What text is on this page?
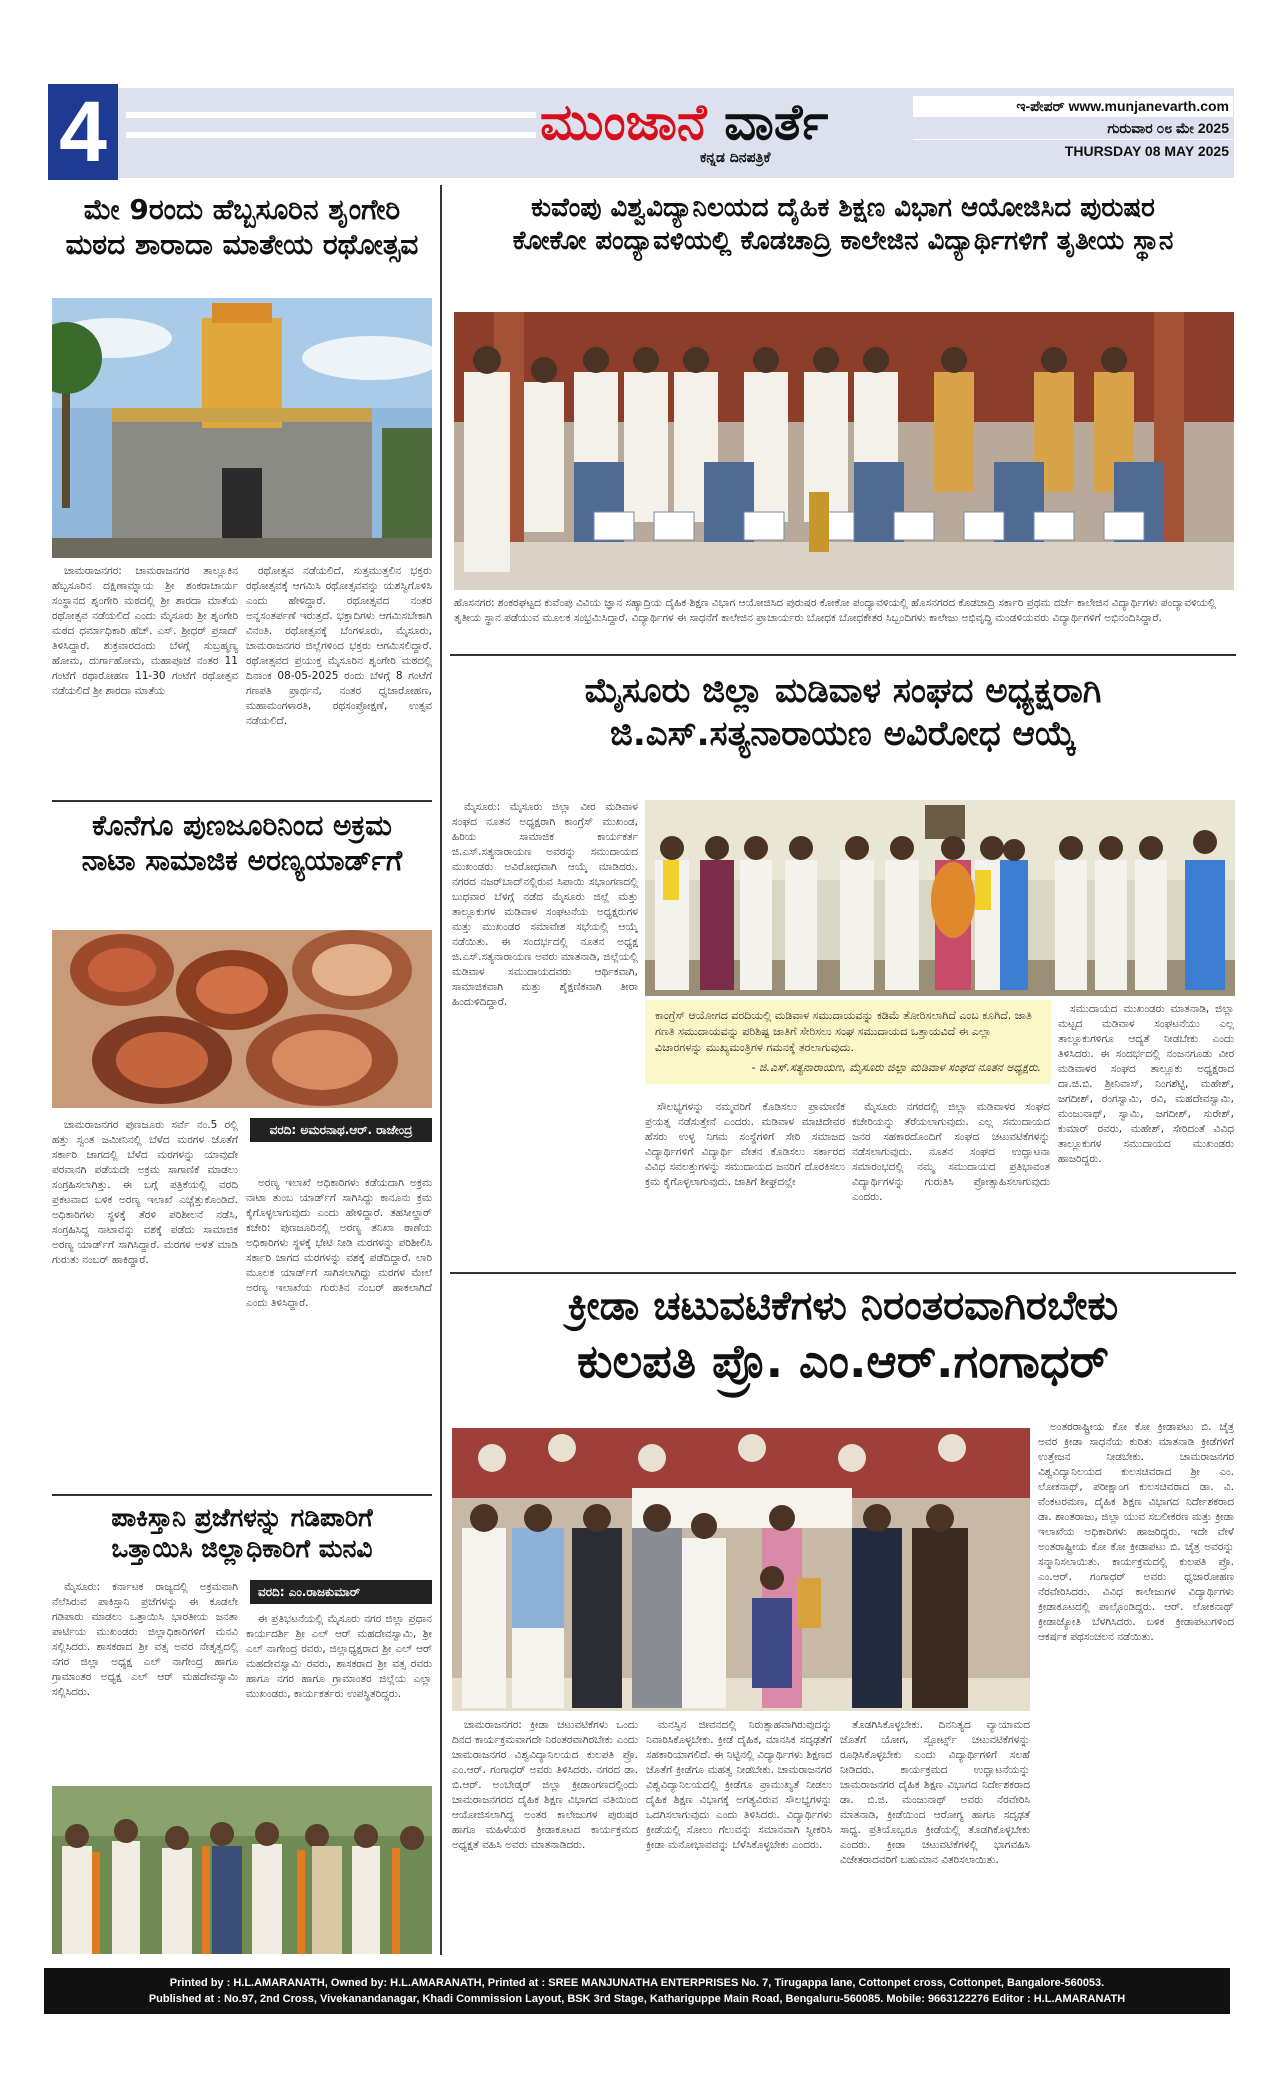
4	ಮುಂಜಾನೆ ವಾರ್ತೆ
ಕನ್ನಡ ದಿನಪತ್ರಿಕೆ
ಇ-ಪೇಪರ್ www.munjanevarth.com
ಗುರುವಾರ ೦೮ ಮೇ 2025
THURSDAY 08 MAY 2025
ಮೇ 9ರಂದು ಹೆಬ್ಬಸೂರಿನ ಶೃಂಗೇರಿ
ಮಠದ ಶಾರಾದಾ ಮಾತೇಯ ರಥೋತ್ಸವ

ಚಾಮರಾಜನಗರ: ಚಾಮರಾಜನಗರ ತಾಲ್ಲೂಕಿನ ಹೆಬ್ಬಸೂರಿನ ದಕ್ಷಿಣಾಮ್ನಾಯ ಶ್ರೀ ಶಂಕರಾಚಾರ್ಯ ಸಂಸ್ಥಾನದ ಶೃಂಗೇರಿ ಮಠದಲ್ಲಿ ಶ್ರೀ ಶಾರದಾ ಮಾತೆಯ ರಥೋತ್ಸವ ನಡೆಯಲಿದೆ ಎಂದು ಮೈಸೂರು ಶ್ರೀ ಶೃಂಗೇರಿ ಮಠದ ಧರ್ಮಾಧಿಕಾರಿ ಹೆಚ್. ಎಸ್. ಶ್ರೀಧರ್ ಪ್ರಸಾದ್ ತಿಳಿಸಿದ್ದಾರೆ. ಶುಕ್ರವಾರದಂದು ಬೆಳಗ್ಗೆ ಸುಬ್ರಹ್ಮಣ್ಯ ಹೋಮ, ದುರ್ಗಾಹೋಮ, ಮಹಾಪೂಜೆ ನಂತರ 11 ಗಂಟೆಗೆ ರಥಾರೋಹಣ 11-30 ಗಂಟೆಗೆ ರಥೋತ್ಸವ ನಡೆಯಲಿದೆ ಶ್ರೀ ಶಾರದಾ ಮಾತೆಯ

ರಥೋತ್ಸವ ನಡೆಯಲಿದೆ. ಸುತ್ತಮುತ್ತಲಿನ ಭಕ್ತರು ರಥೋತ್ಸವಕ್ಕೆ ಆಗಮಿಸಿ ರಥೋತ್ಸವವನ್ನು ಯಶಸ್ವಿಗೊಳಿಸಿ ಎಂದು ಹೇಳಿದ್ದಾರೆ. ರಥೋತ್ಸವದ ನಂತರ ಅನ್ನಸಂತರ್ಪಣೆ ಇರುತ್ತದೆ. ಭಕ್ತಾದಿಗಳು ಆಗಮಿಸಬೇಕಾಗಿ ವಿನಂತಿ. ರಥೋತ್ಸವಕ್ಕೆ ಬೆಂಗಳೂರು, ಮೈಸೂರು, ಚಾಮರಾಜನಗರ ಜಿಲ್ಲೆಗಳಿಂದ ಭಕ್ತರು ಆಗಮಿಸಲಿದ್ದಾರೆ. ರಥೋತ್ಸವದ ಪ್ರಯುಕ್ತ ಮೈಸೂರಿನ ಶೃಂಗೇರಿ ಮಠದಲ್ಲಿ ದಿನಾಂಕ 08-05-2025 ರಂದು ಬೆಳಗ್ಗೆ 8 ಗಂಟೆಗೆ ಗಣಪತಿ ಪ್ರಾರ್ಥನೆ, ನಂತರ ಧ್ವಜಾರೋಹಣ, ಮಹಾಮಂಗಳಾರತಿ, ರಥಸಂಪ್ರೋಕ್ಷಣೆ, ಉತ್ಸವ ನಡೆಯಲಿದೆ.

ಕೊನೆಗೂ ಪುಣಜೂರಿನಿಂದ ಅಕ್ರಮ
ನಾಟಾ ಸಾಮಾಜಿಕ ಅರಣ್ಯಯಾರ್ಡ್‌ಗೆ

ಚಾಮರಾಜನಗರ ಪುಣಜೂರು ಸರ್ವೆ ನಂ.5 ರಲ್ಲಿ ಹತ್ತು ಸ್ವಂತ ಜಮೀನಿನಲ್ಲಿ ಬೆಳೆದ ಮರಗಳ ಜೊತೆಗೆ ಸರ್ಕಾರಿ ಜಾಗದಲ್ಲಿ ಬೆಳೆದ ಮರಗಳನ್ನು ಯಾವುದೇ ಪರವಾನಗಿ ಪಡೆಯದೇ ಅಕ್ರಮ ಸಾಗಾಣಿಕೆ ಮಾಡಲು ಸಂಗ್ರಹಿಸಲಾಗಿತ್ತು. ಈ ಬಗ್ಗೆ ಪತ್ರಿಕೆಯಲ್ಲಿ ವರದಿ ಪ್ರಕಟವಾದ ಬಳಿಕ ಅರಣ್ಯ ಇಲಾಖೆ ಎಚ್ಚೆತ್ತುಕೊಂಡಿದೆ. ಅಧಿಕಾರಿಗಳು ಸ್ಥಳಕ್ಕೆ ತೆರಳಿ ಪರಿಶೀಲನೆ ನಡೆಸಿ, ಸಂಗ್ರಹಿಸಿದ್ದ ನಾಟಾವನ್ನು ವಶಕ್ಕೆ ಪಡೆದು ಸಾಮಾಜಿಕ ಅರಣ್ಯ ಯಾರ್ಡ್‌ಗೆ ಸಾಗಿಸಿದ್ದಾರೆ. ಮರಗಳ ಅಳತೆ ಮಾಡಿ ಗುರುತು ನಂಬರ್ ಹಾಕಿದ್ದಾರೆ.

ವರದಿ: ಅಮರನಾಥ.ಆರ್. ರಾಜೇಂದ್ರ

ಅರಣ್ಯ ಇಲಾಖೆ ಅಧಿಕಾರಿಗಳು ಕಡೆಯದಾಗಿ ಅಕ್ರಮ ನಾಟಾ ತುಂಬ ಯಾರ್ಡ್‌ಗೆ ಸಾಗಿಸಿದ್ದು ಕಾನೂನು ಕ್ರಮ ಕೈಗೊಳ್ಳಲಾಗುವುದು ಎಂದು ಹೇಳಿದ್ದಾರೆ. ತಹಸೀಲ್ದಾರ್ ಕಚೇರಿ: ಪುಣಜೂರಿನಲ್ಲಿ ಅರಣ್ಯ ತನಿಖಾ ಠಾಣೆಯ ಅಧಿಕಾರಿಗಳು ಸ್ಥಳಕ್ಕೆ ಭೇಟಿ ನೀಡಿ ಮರಗಳನ್ನು ಪರಿಶೀಲಿಸಿ ಸರ್ಕಾರಿ ಜಾಗದ ಮರಗಳನ್ನು ವಶಕ್ಕೆ ಪಡೆದಿದ್ದಾರೆ. ಲಾರಿ ಮೂಲಕ ಯಾರ್ಡ್‌ಗೆ ಸಾಗಿಸಲಾಗಿದ್ದು ಮರಗಳ ಮೇಲೆ ಅರಣ್ಯ ಇಲಾಖೆಯ ಗುರುತಿನ ನಂಬರ್ ಹಾಕಲಾಗಿದೆ ಎಂದು ತಿಳಿಸಿದ್ದಾರೆ.

ಪಾಕಿಸ್ತಾನಿ ಪ್ರಜೆಗಳನ್ನು ಗಡಿಪಾರಿಗೆ
ಒತ್ತಾಯಿಸಿ ಜಿಲ್ಲಾಧಿಕಾರಿಗೆ ಮನವಿ

ಮೈಸೂರು: ಕರ್ನಾಟಕ ರಾಜ್ಯದಲ್ಲಿ ಅಕ್ರಮವಾಗಿ ನೆಲೆಸಿರುವ ಪಾಕಿಸ್ತಾನಿ ಪ್ರಜೆಗಳನ್ನು ಈ ಕೂಡಲೇ ಗಡಿಪಾರು ಮಾಡಲು ಒತ್ತಾಯಿಸಿ ಭಾರತೀಯ ಜನತಾ ಪಾರ್ಟಿಯ ಮುಖಂಡರು ಜಿಲ್ಲಾಧಿಕಾರಿಗಳಿಗೆ ಮನವಿ ಸಲ್ಲಿಸಿದರು. ಶಾಸಕರಾದ ಶ್ರೀ ವತ್ಸ ಅವರ ನೇತೃತ್ವದಲ್ಲಿ ನಗರ ಜಿಲ್ಲಾ ಅಧ್ಯಕ್ಷ ಎಲ್ ನಾಗೇಂದ್ರ ಹಾಗೂ ಗ್ರಾಮಾಂತರ ಅಧ್ಯಕ್ಷ ಎಲ್ ಆರ್ ಮಹದೇವಸ್ವಾಮಿ ಸಲ್ಲಿಸಿದರು.

ವರದಿ: ಎಂ.ರಾಜಕುಮಾರ್

ಈ ಪ್ರತಿಭಟನೆಯಲ್ಲಿ ಮೈಸೂರು ನಗರ ಜಿಲ್ಲಾ ಪ್ರಧಾನ ಕಾರ್ಯದರ್ಶಿ ಶ್ರೀ ಎಲ್ ಆರ್ ಮಹದೇವಸ್ವಾಮಿ, ಶ್ರೀ ಎಲ್ ನಾಗೇಂದ್ರ ರವರು, ಜಿಲ್ಲಾಧ್ಯಕ್ಷರಾದ ಶ್ರೀ ಎಲ್ ಆರ್ ಮಹದೇವಸ್ವಾಮಿ ರವರು, ಶಾಸಕರಾದ ಶ್ರೀ ವತ್ಸ ರವರು ಹಾಗೂ ನಗರ ಹಾಗೂ ಗ್ರಾಮಾಂತರ ಜಿಲ್ಲೆಯ ಎಲ್ಲಾ ಮುಖಂಡರು, ಕಾರ್ಯಕರ್ತರು ಉಪಸ್ಥಿತರಿದ್ದರು.

ಕುವೆಂಪು ವಿಶ್ವವಿದ್ಯಾನಿಲಯದ ದೈಹಿಕ ಶಿಕ್ಷಣ ವಿಭಾಗ ಆಯೋಜಿಸಿದ ಪುರುಷರ
ಕೋಕೋ ಪಂದ್ಯಾವಳಿಯಲ್ಲಿ ಕೊಡಚಾದ್ರಿ ಕಾಲೇಜಿನ ವಿದ್ಯಾರ್ಥಿಗಳಿಗೆ ತೃತೀಯ ಸ್ಥಾನ
ಹೊಸನಗರ: ಶಂಕರಘಟ್ಟದ ಕುವೆಂಪು ವಿವಿಯ ಜ್ಞಾನ ಸಹ್ಯಾದ್ರಿಯ ದೈಹಿಕ ಶಿಕ್ಷಣ ವಿಭಾಗ ಆಯೋಜಿಸಿದ ಪುರುಷರ ಕೋಕೋ ಪಂದ್ಯಾವಳಿಯಲ್ಲಿ ಹೊಸನಗರದ ಕೊಡಚಾದ್ರಿ ಸರ್ಕಾರಿ ಪ್ರಥಮ ದರ್ಜೆ ಕಾಲೇಜಿನ ವಿದ್ಯಾರ್ಥಿಗಳು ಪಂದ್ಯಾವಳಿಯಲ್ಲಿ ತೃತೀಯ ಸ್ಥಾನ ಪಡೆಯುವ ಮೂಲಕ ಸಂಭ್ರಮಿಸಿದ್ದಾರೆ. ವಿದ್ಯಾರ್ಥಿಗಳ ಈ ಸಾಧನೆಗೆ ಕಾಲೇಜಿನ ಪ್ರಾಚಾರ್ಯರು ಬೋಧಕ ಬೋಧಕೇತರ ಸಿಬ್ಬಂದಿಗಳು ಕಾಲೇಜು ಅಭಿವೃದ್ಧಿ ಮಂಡಳಿಯವರು ವಿದ್ಯಾರ್ಥಿಗಳಿಗೆ ಅಭಿನಂದಿಸಿದ್ದಾರೆ.
ಮೈಸೂರು ಜಿಲ್ಲಾ ಮಡಿವಾಳ ಸಂಘದ ಅಧ್ಯಕ್ಷರಾಗಿ
ಜಿ.ಎಸ್.ಸತ್ಯನಾರಾಯಣ ಅವಿರೋಧ ಆಯ್ಕೆ

ಮೈಸೂರು: ಮೈಸೂರು ಜಿಲ್ಲಾ ವೀರ ಮಡಿವಾಳ ಸಂಘದ ನೂತನ ಅಧ್ಯಕ್ಷರಾಗಿ ಕಾಂಗ್ರೆಸ್ ಮುಖಂಡ, ಹಿರಿಯ ಸಾಮಾಜಿಕ ಕಾರ್ಯಕರ್ತ ಜಿ.ಎಸ್.ಸತ್ಯನಾರಾಯಣ ಅವರನ್ನು ಸಮುದಾಯದ ಮುಖಂಡರು ಅವಿರೋಧವಾಗಿ ಆಯ್ಕೆ ಮಾಡಿದರು. ನಗರದ ನಜರ್‌ಬಾದ್‌ನಲ್ಲಿರುವ ಸಿಪಾಯಿ ಸಭಾಂಗಣದಲ್ಲಿ ಬುಧವಾರ ಬೆಳಗ್ಗೆ ನಡೆದ ಮೈಸೂರು ಜಿಲ್ಲೆ ಮತ್ತು ತಾಲ್ಲೂಕುಗಳ ಮಡಿವಾಳ ಸಂಘಟನೆಯ ಅಧ್ಯಕ್ಷರುಗಳ ಮತ್ತು ಮುಖಂಡರ ಸಮಾವೇಶ ಸಭೆಯಲ್ಲಿ ಆಯ್ಕೆ ನಡೆಯಿತು. ಈ ಸಂದರ್ಭದಲ್ಲಿ ನೂತನ ಅಧ್ಯಕ್ಷ ಜಿ.ಎಸ್.ಸತ್ಯನಾರಾಯಣ ಅವರು ಮಾತನಾಡಿ, ಜಿಲ್ಲೆಯಲ್ಲಿ ಮಡಿವಾಳ ಸಮುದಾಯದವರು ಆರ್ಥಿಕವಾಗಿ, ಸಾಮಾಜಿಕವಾಗಿ ಮತ್ತು ಶೈಕ್ಷಣಿಕವಾಗಿ ತೀರಾ ಹಿಂದುಳಿದಿದ್ದಾರೆ.

ಕಾಂಗ್ರೆಸ್ ಆಯೋಗದ ವರದಿಯಲ್ಲಿ ಮಡಿವಾಳ ಸಮುದಾಯವನ್ನು ಕಡಿಮೆ ತೋರಿಸಲಾಗಿದೆ ಎಂಬ ಕೂಗಿದೆ. ಜಾತಿ ಗಣತಿ ಸಮುದಾಯವನ್ನು ಪರಿಶಿಷ್ಟ ಜಾತಿಗೆ ಸೇರಿಸಲು ಸಂಘ ಸಮುದಾಯದ ಒತ್ತಾಯವಿದೆ ಈ ಎಲ್ಲಾ ವಿಚಾರಗಳನ್ನು ಮುಖ್ಯಮಂತ್ರಿಗಳ ಗಮನಕ್ಕೆ ತರಲಾಗುವುದು.
- ಜಿ.ಎಸ್.ಸತ್ಯನಾರಾಯಣ, ಮೈಸೂರು ಜಿಲ್ಲಾ ಮಡಿವಾಳ ಸಂಘದ ನೂತನ ಅಧ್ಯಕ್ಷರು.

ಸೌಲಭ್ಯಗಳನ್ನು ನಮ್ಮವರಿಗೆ ಕೊಡಿಸಲು ಪ್ರಾಮಾಣಿಕ ಪ್ರಯತ್ನ ನಡೆಸುತ್ತೇನೆ ಎಂದರು. ಮಡಿವಾಳ ಮಾಚಿದೇವರ ಹೆಸರು ಉಳ್ಳ ನಿಗಮ ಸಂಸ್ಥೆಗಳಿಗೆ ಸೇರಿ ಸಮಾಜದ ವಿದ್ಯಾರ್ಥಿಗಳಿಗೆ ವಿದ್ಯಾರ್ಥಿ ವೇತನ ಕೊಡಿಸಲು ಸರ್ಕಾರದ ವಿವಿಧ ಸವಲತ್ತುಗಳನ್ನು ಸಮುದಾಯದ ಜನರಿಗೆ ದೊರಕಿಸಲು ಕ್ರಮ ಕೈಗೊಳ್ಳಲಾಗುವುದು. ಜಾತಿಗೆ ಶೀಘ್ರದಲ್ಲೇ

ಮೈಸೂರು ನಗರದಲ್ಲಿ ಜಿಲ್ಲಾ ಮಡಿವಾಳರ ಸಂಘದ ಕಚೇರಿಯನ್ನು ತೆರೆಯಲಾಗುವುದು. ಎಲ್ಲ ಸಮುದಾಯದ ಜನರ ಸಹಕಾರದೊಂದಿಗೆ ಸಂಘದ ಚಟುವಟಿಕೆಗಳನ್ನು ನಡೆಸಲಾಗುವುದು. ನೂತನ ಸಂಘದ ಉದ್ಘಾಟನಾ ಸಮಾರಂಭದಲ್ಲಿ ನಮ್ಮ ಸಮುದಾಯದ ಪ್ರತಿಭಾವಂತ ವಿದ್ಯಾರ್ಥಿಗಳನ್ನು ಗುರುತಿಸಿ ಪ್ರೋತ್ಸಾಹಿಸಲಾಗುವುದು ಎಂದರು.

ಸಮುದಾಯದ ಮುಖಂಡರು ಮಾತನಾಡಿ, ಜಿಲ್ಲಾ ಮಟ್ಟದ ಮಡಿವಾಳ ಸಂಘಟನೆಯು ಎಲ್ಲ ತಾಲ್ಲೂಕುಗಳಿಗೂ ಆದ್ಯತೆ ನೀಡಬೇಕು ಎಂದು ತಿಳಿಸಿದರು. ಈ ಸಂದರ್ಭದಲ್ಲಿ ನಂಜನಗೂಡು ವೀರ ಮಡಿವಾಳರ ಸಂಘದ ತಾಲ್ಲೂಕು ಅಧ್ಯಕ್ಷರಾದ ದಾ.ಜಿ.ಬಿ. ಶ್ರೀನಿವಾಸ್, ನಿಂಗಶೆಟ್ಟಿ, ಮಹೇಶ್, ಜಗದೀಶ್, ರಂಗಸ್ವಾಮಿ, ರವಿ, ಮಹದೇವಸ್ವಾಮಿ, ಮಂಜುನಾಥ್, ಸ್ವಾಮಿ, ಜಗದೀಶ್, ಸುರೇಶ್, ಕುಮಾರ್ ರವರು, ಮಹೇಶ್, ಸೇರಿದಂತೆ ವಿವಿಧ ತಾಲ್ಲೂಕುಗಳ ಸಮುದಾಯದ ಮುಖಂಡರು ಹಾಜರಿದ್ದರು.

ಕ್ರೀಡಾ ಚಟುವಟಿಕೆಗಳು ನಿರಂತರವಾಗಿರಬೇಕು
ಕುಲಪತಿ ಪ್ರೊ. ಎಂ.ಆರ್.ಗಂಗಾಧರ್

ಅಂತರರಾಷ್ಟ್ರೀಯ ಕೋ ಕೋ ಕ್ರೀಡಾಪಟು ಬಿ. ಚೈತ್ರ ಅವರ ಕ್ರೀಡಾ ಸಾಧನೆಯ ಕುರಿತು ಮಾತನಾಡಿ ಕ್ರೀಡೆಗಳಿಗೆ ಉತ್ತೇಜನ ನೀಡಬೇಕು. ಚಾಮರಾಜನಗರ ವಿಶ್ವವಿದ್ಯಾನಿಲಯದ ಕುಲಸಚಿವರಾದ ಶ್ರೀ ಎಂ. ಲೋಕನಾಥ್, ಪರೀಕ್ಷಾಂಗ ಕುಲಸಚಿವರಾದ ಡಾ. ವಿ. ವೆಂಕಟರಮಣ, ದೈಹಿಕ ಶಿಕ್ಷಣ ವಿಭಾಗದ ನಿರ್ದೇಶಕರಾದ ಡಾ. ಶಾಂತರಾಜು, ಜಿಲ್ಲಾ ಯುವ ಸಬಲೀಕರಣ ಮತ್ತು ಕ್ರೀಡಾ ಇಲಾಖೆಯ ಅಧಿಕಾರಿಗಳು ಹಾಜರಿದ್ದರು. ಇದೇ ವೇಳೆ ಅಂತರಾಷ್ಟ್ರೀಯ ಕೋ ಕೋ ಕ್ರೀಡಾಪಟು ಬಿ. ಚೈತ್ರ ಅವರನ್ನು ಸನ್ಮಾನಿಸಲಾಯಿತು. ಕಾರ್ಯಕ್ರಮದಲ್ಲಿ ಕುಲಪತಿ ಪ್ರೊ. ಎಂ.ಆರ್. ಗಂಗಾಧರ್ ಅವರು ಧ್ವಜಾರೋಹಣ ನೆರವೇರಿಸಿದರು. ವಿವಿಧ ಕಾಲೇಜುಗಳ ವಿದ್ಯಾರ್ಥಿಗಳು ಕ್ರೀಡಾಕೂಟದಲ್ಲಿ ಪಾಲ್ಗೊಂಡಿದ್ದರು. ಆರ್. ಲೋಕನಾಥ್ ಕ್ರೀಡಾಜ್ಯೋತಿ ಬೆಳಗಿಸಿದರು. ಬಳಿಕ ಕ್ರೀಡಾಪಟುಗಳಿಂದ ಆಕರ್ಷಕ ಪಥಸಂಚಲನ ನಡೆಯಿತು.

ಚಾಮರಾಜನಗರ: ಕ್ರೀಡಾ ಚಟುವಟಿಕೆಗಳು ಒಂದು ದಿನದ ಕಾರ್ಯಕ್ರಮವಾಗದೇ ನಿರಂತರವಾಗಿರಬೇಕು ಎಂದು ಚಾಮರಾಜನಗರ ವಿಶ್ವವಿದ್ಯಾನಿಲಯದ ಕುಲಪತಿ ಪ್ರೊ. ಎಂ.ಆರ್. ಗಂಗಾಧರ್ ಅವರು ತಿಳಿಸಿದರು. ನಗರದ ಡಾ. ಬಿ.ಆರ್. ಅಂಬೇಡ್ಕರ್ ಜಿಲ್ಲಾ ಕ್ರೀಡಾಂಗಣದಲ್ಲಿಂದು ಚಾಮರಾಜನಗರದ ದೈಹಿಕ ಶಿಕ್ಷಣ ವಿಭಾಗದ ವತಿಯಿಂದ ಆಯೋಜಿಸಲಾಗಿದ್ದ ಅಂತರ ಕಾಲೇಜುಗಳ ಪುರುಷರ ಹಾಗೂ ಮಹಿಳೆಯರ ಕ್ರೀಡಾಕೂಟದ ಕಾರ್ಯಕ್ರಮದ ಅಧ್ಯಕ್ಷತೆ ವಹಿಸಿ ಅವರು ಮಾತನಾಡಿದರು.

ಮನಸ್ಸಿನ ಜೀವನದಲ್ಲಿ ನಿರುತ್ಸಾಹವಾಗಿರುವುದನ್ನು ನಿವಾರಿಸಿಕೊಳ್ಳಬೇಕು. ಕ್ರೀಡೆ ದೈಹಿಕ, ಮಾನಸಿಕ ಸದೃಢತೆಗೆ ಸಹಕಾರಿಯಾಗಲಿದೆ. ಈ ನಿಟ್ಟಿನಲ್ಲಿ ವಿದ್ಯಾರ್ಥಿಗಳು ಶಿಕ್ಷಣದ ಜೊತೆಗೆ ಕ್ರೀಡೆಗೂ ಮಹತ್ವ ನೀಡಬೇಕು. ಚಾಮರಾಜನಗರ ವಿಶ್ವವಿದ್ಯಾನಿಲಯದಲ್ಲಿ ಕ್ರೀಡೆಗೂ ಪ್ರಾಮುಖ್ಯತೆ ನೀಡಲು ದೈಹಿಕ ಶಿಕ್ಷಣ ವಿಭಾಗಕ್ಕೆ ಅಗತ್ಯವಿರುವ ಸೌಲಭ್ಯಗಳನ್ನು ಒದಗಿಸಲಾಗುವುದು ಎಂದು ತಿಳಿಸಿದರು. ವಿದ್ಯಾರ್ಥಿಗಳು ಕ್ರೀಡೆಯಲ್ಲಿ ಸೋಲು ಗೆಲುವನ್ನು ಸಮಾನವಾಗಿ ಸ್ವೀಕರಿಸಿ ಕ್ರೀಡಾ ಮನೋಭಾವವನ್ನು ಬೆಳೆಸಿಕೊಳ್ಳಬೇಕು ಎಂದರು.

ತೊಡಗಿಸಿಕೊಳ್ಳಬೇಕು. ದಿನನಿತ್ಯದ ವ್ಯಾಯಾಮದ ಜೊತೆಗೆ ಯೋಗ, ಸ್ಪೋರ್ಟ್ಸ್ ಚಟುವಟಿಕೆಗಳನ್ನು ರೂಢಿಸಿಕೊಳ್ಳಬೇಕು ಎಂದು ವಿದ್ಯಾರ್ಥಿಗಳಿಗೆ ಸಲಹೆ ನೀಡಿದರು. ಕಾರ್ಯಕ್ರಮದ ಉದ್ಘಾಟನೆಯನ್ನು ಚಾಮರಾಜನಗರ ದೈಹಿಕ ಶಿಕ್ಷಣ ವಿಭಾಗದ ನಿರ್ದೇಶಕರಾದ ಡಾ. ಬಿ.ಜಿ. ಮಂಜುನಾಥ್ ಅವರು ನೆರವೇರಿಸಿ ಮಾತನಾಡಿ, ಕ್ರೀಡೆಯಿಂದ ಆರೋಗ್ಯ ಹಾಗೂ ಸದೃಢತೆ ಸಾಧ್ಯ. ಪ್ರತಿಯೊಬ್ಬರೂ ಕ್ರೀಡೆಯಲ್ಲಿ ತೊಡಗಿಕೊಳ್ಳಬೇಕು ಎಂದರು. ಕ್ರೀಡಾ ಚಟುವಟಿಕೆಗಳಲ್ಲಿ ಭಾಗವಹಿಸಿ ವಿಜೇತರಾದವರಿಗೆ ಬಹುಮಾನ ವಿತರಿಸಲಾಯಿತು.

Printed by : H.L.AMARANATH, Owned by: H.L.AMARANATH, Printed at : SREE MANJUNATHA ENTERPRISES No. 7, Tirugappa lane, Cottonpet cross, Cottonpet, Bangalore-560053.
Published at : No.97, 2nd Cross, Vivekanandanagar, Khadi Commission Layout, BSK 3rd Stage, Kathariguppe Main Road, Bengaluru-560085. Mobile: 9663122276 Editor : H.L.AMARANATH
